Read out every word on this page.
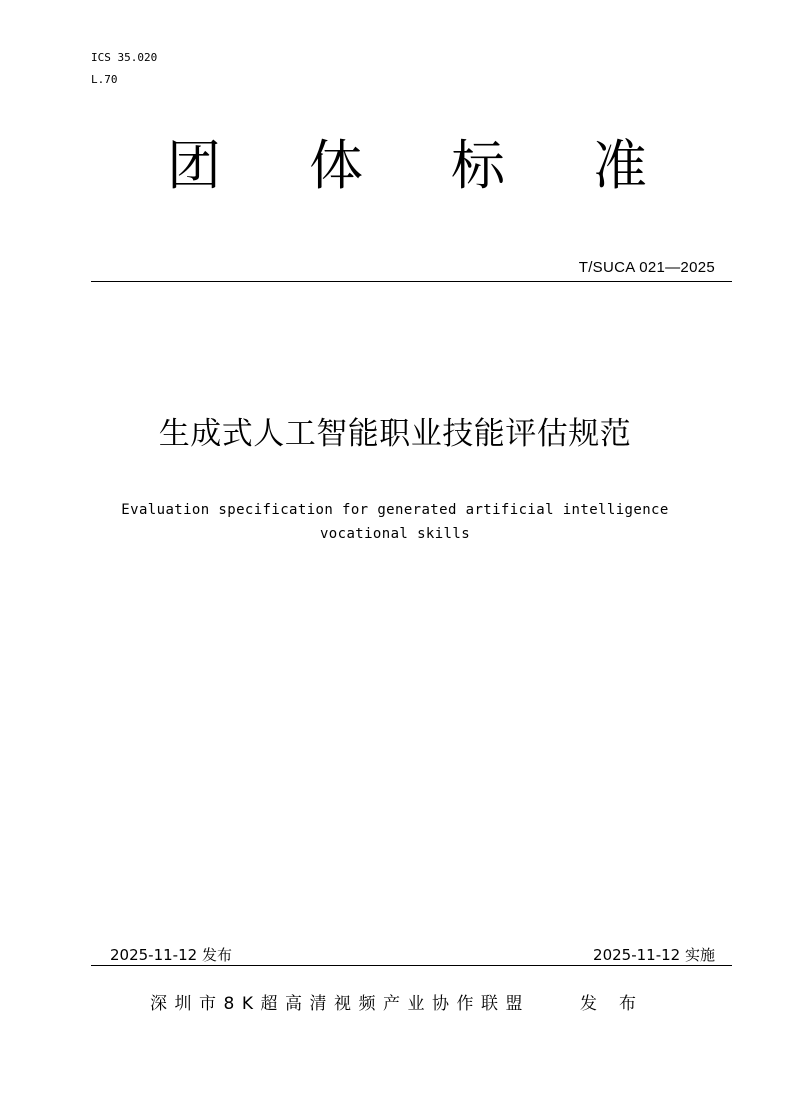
ICS 35.020
L.70
团 体 标 准
T/SUCA 021—2025
生成式人工智能职业技能评估规范
Evaluation specification for generated artificial intelligence
vocational skills
2025-11-12 发布	2025-11-12 实施
深圳市8K超高清视频产业协作联盟	发布
